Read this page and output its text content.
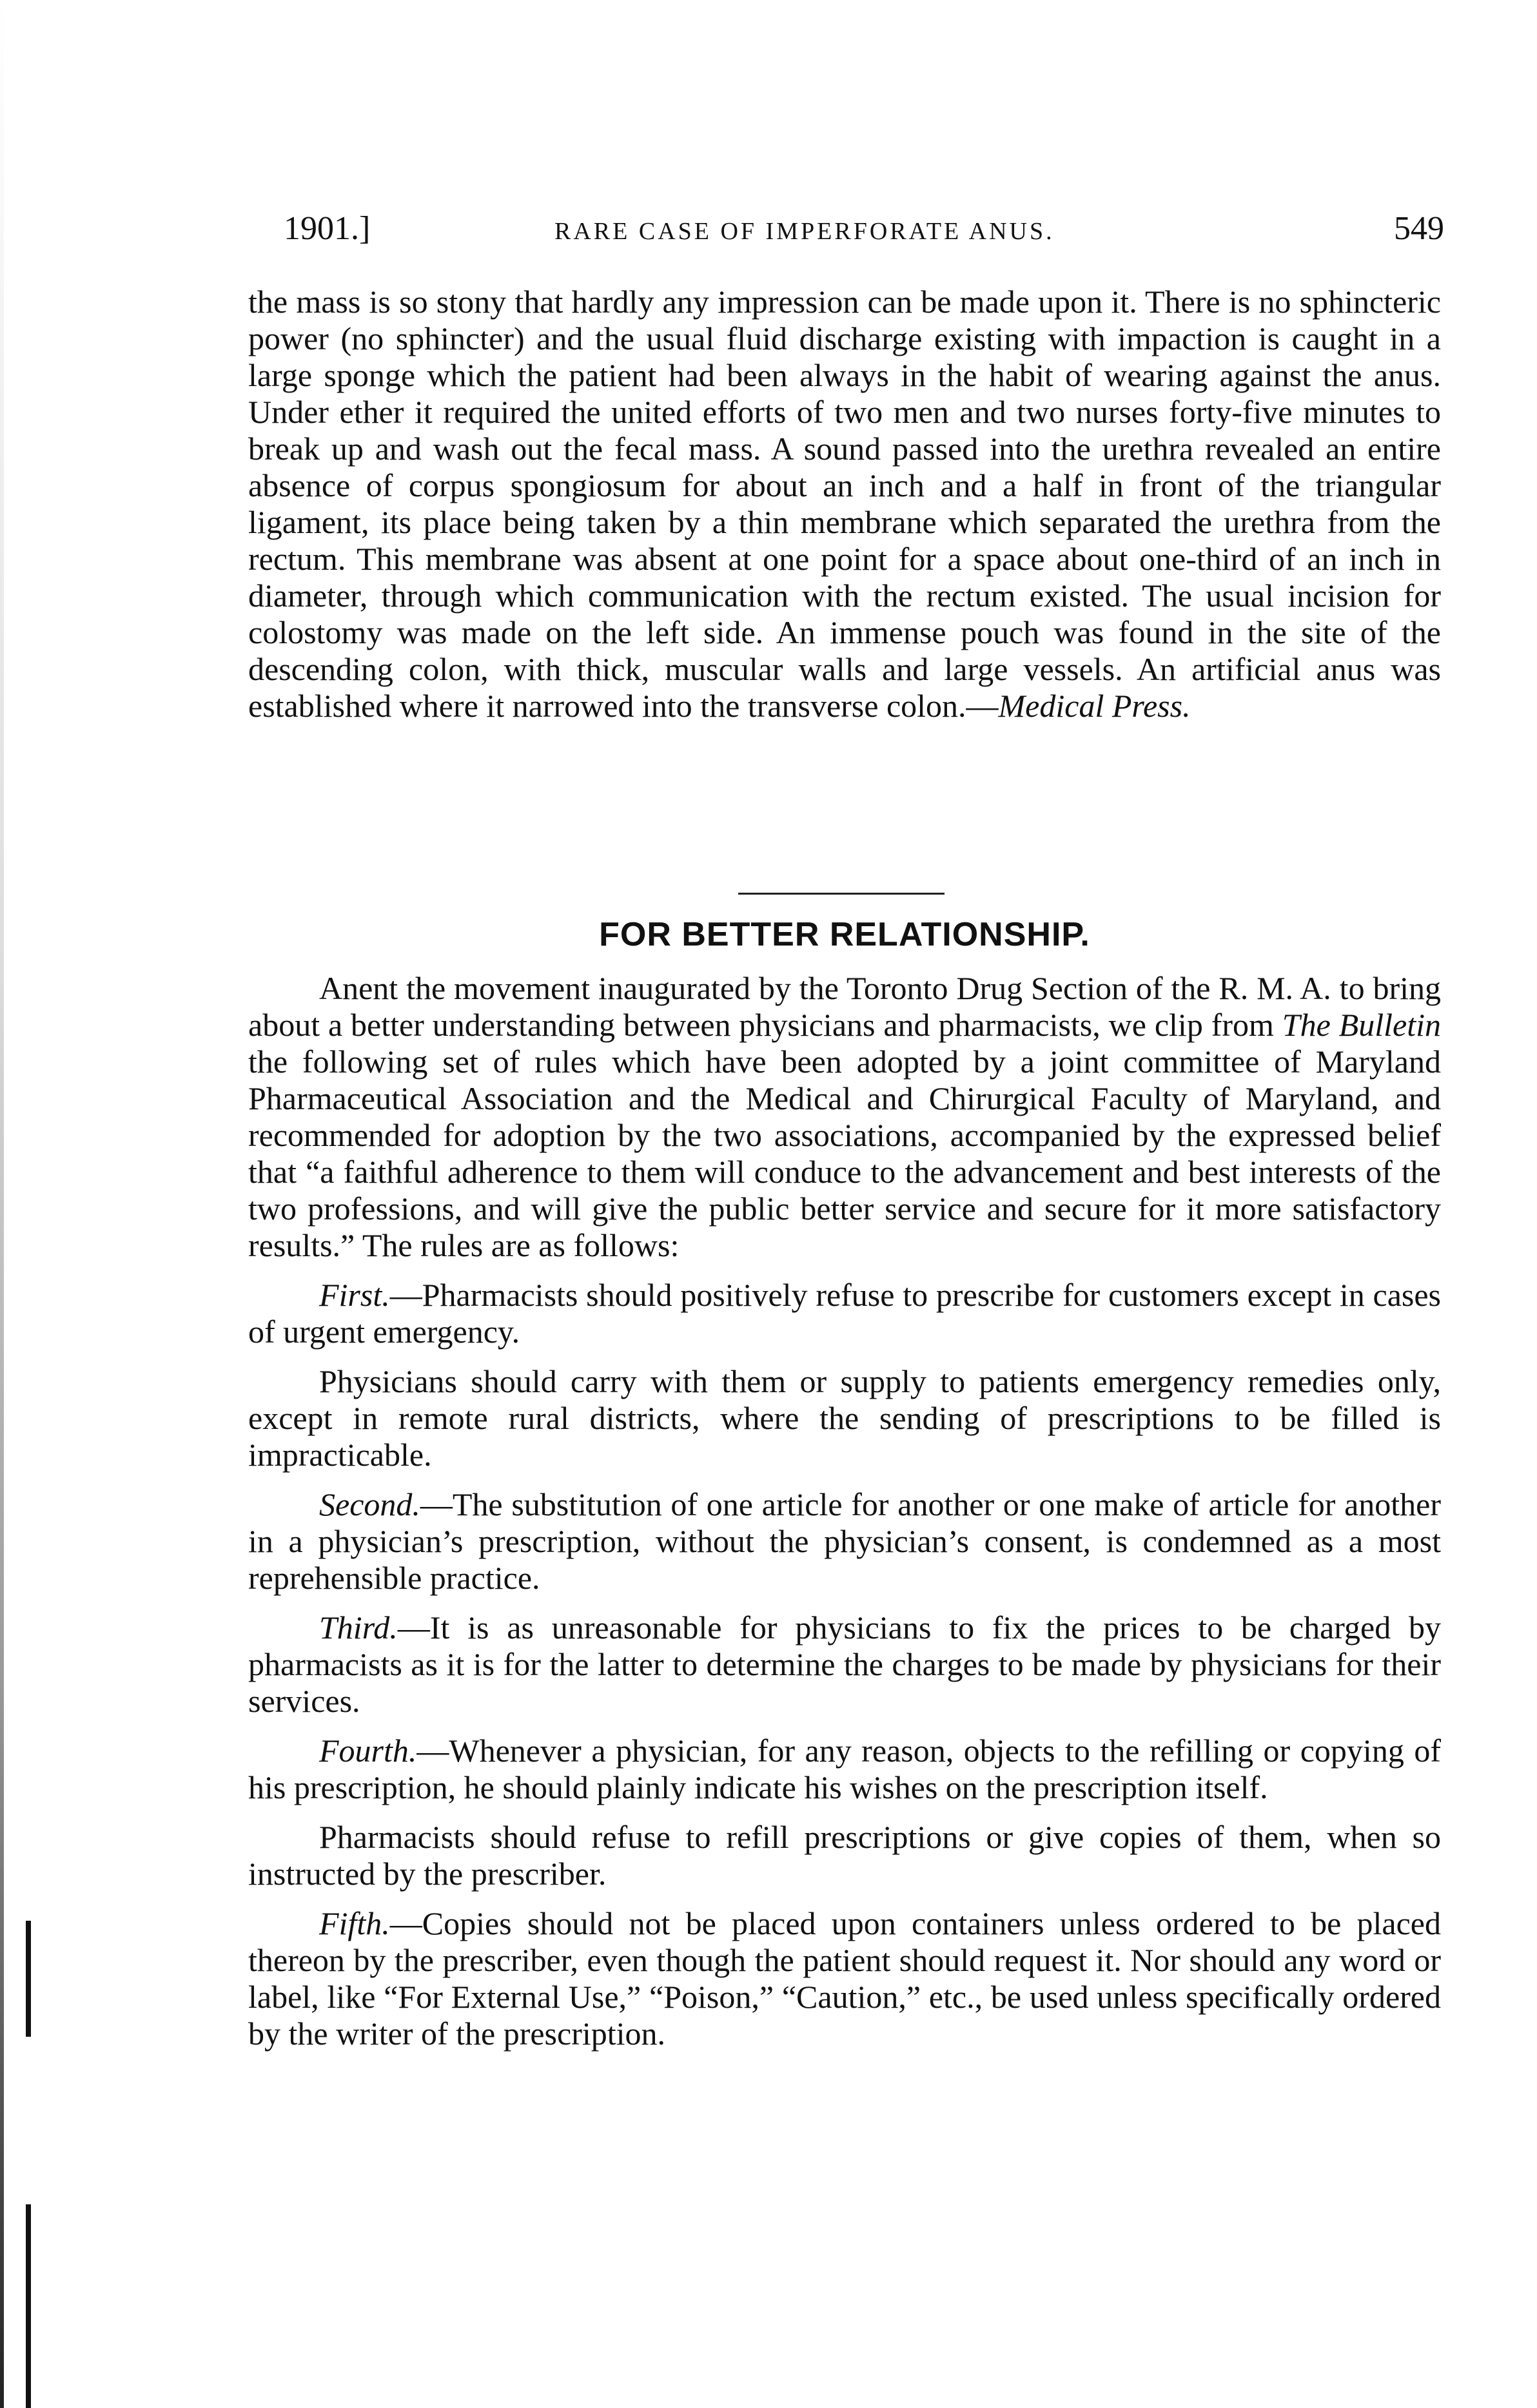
1901.]	RARE CASE OF IMPERFORATE ANUS.	549

the mass is so stony that hardly any impression can be made upon it. There is no sphincteric power (no sphincter) and the usual fluid discharge existing with impaction is caught in a large sponge which the patient had been always in the habit of wearing against the anus. Under ether it required the united efforts of two men and two nurses forty-five minutes to break up and wash out the fecal mass. A sound passed into the urethra revealed an entire absence of corpus spongiosum for about an inch and a half in front of the triangular ligament, its place being taken by a thin membrane which separated the urethra from the rectum. This membrane was absent at one point for a space about one-third of an inch in diameter, through which communication with the rectum existed. The usual incision for colostomy was made on the left side. An immense pouch was found in the site of the descending colon, with thick, muscular walls and large vessels. An artificial anus was established where it narrowed into the transverse colon.—Medical Press.

FOR BETTER RELATIONSHIP.

Anent the movement inaugurated by the Toronto Drug Section of the R. M. A. to bring about a better understanding between physicians and pharmacists, we clip from The Bulletin the following set of rules which have been adopted by a joint committee of Maryland Pharmaceutical Association and the Medical and Chirurgical Faculty of Maryland, and recommended for adoption by the two associations, accompanied by the expressed belief that “a faithful adherence to them will conduce to the advancement and best interests of the two professions, and will give the public better service and secure for it more satisfactory results.” The rules are as follows:

First.—Pharmacists should positively refuse to prescribe for customers except in cases of urgent emergency.

Physicians should carry with them or supply to patients emergency remedies only, except in remote rural districts, where the sending of prescriptions to be filled is impracticable.

Second.—The substitution of one article for another or one make of article for another in a physician’s prescription, without the physician’s consent, is condemned as a most reprehensible practice.

Third.—It is as unreasonable for physicians to fix the prices to be charged by pharmacists as it is for the latter to determine the charges to be made by physicians for their services.

Fourth.—Whenever a physician, for any reason, objects to the refilling or copying of his prescription, he should plainly indicate his wishes on the prescription itself.

Pharmacists should refuse to refill prescriptions or give copies of them, when so instructed by the prescriber.

Fifth.—Copies should not be placed upon containers unless ordered to be placed thereon by the prescriber, even though the patient should request it. Nor should any word or label, like “For External Use,” “Poison,” “Caution,” etc., be used unless specifically ordered by the writer of the prescription.
